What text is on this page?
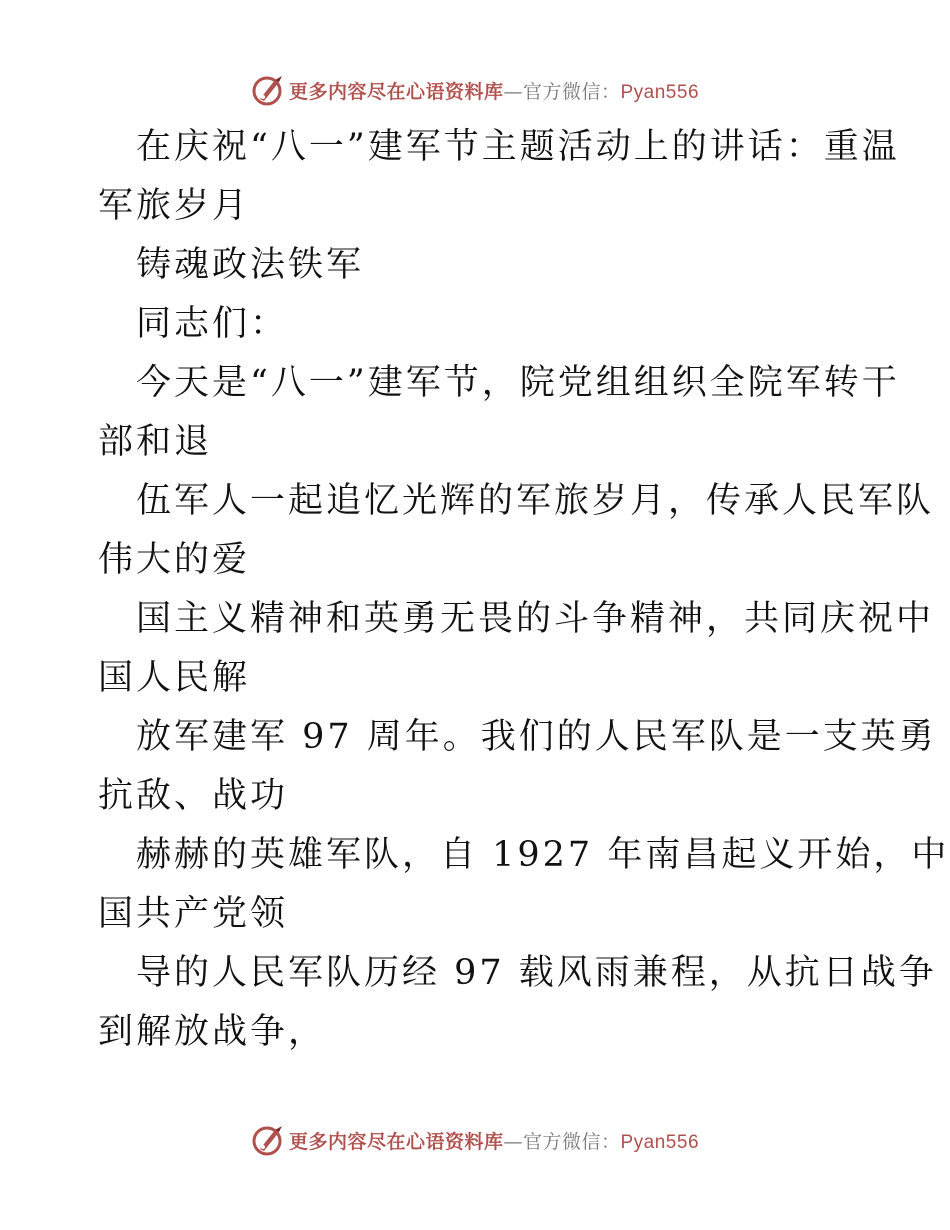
更多内容尽在心语资料库—官方微信：Pyan556

在庆祝“八一”建军节主题活动上的讲话：重温

军旅岁月

铸魂政法铁军

同志们：

今天是“八一”建军节，院党组组织全院军转干

部和退

伍军人一起追忆光辉的军旅岁月，传承人民军队

伟大的爱

国主义精神和英勇无畏的斗争精神，共同庆祝中

国人民解

放军建军 97 周年。我们的人民军队是一支英勇

抗敌、战功

赫赫的英雄军队，自 1927 年南昌起义开始，中

国共产党领

导的人民军队历经 97 载风雨兼程，从抗日战争

到解放战争，

更多内容尽在心语资料库—官方微信：Pyan556
